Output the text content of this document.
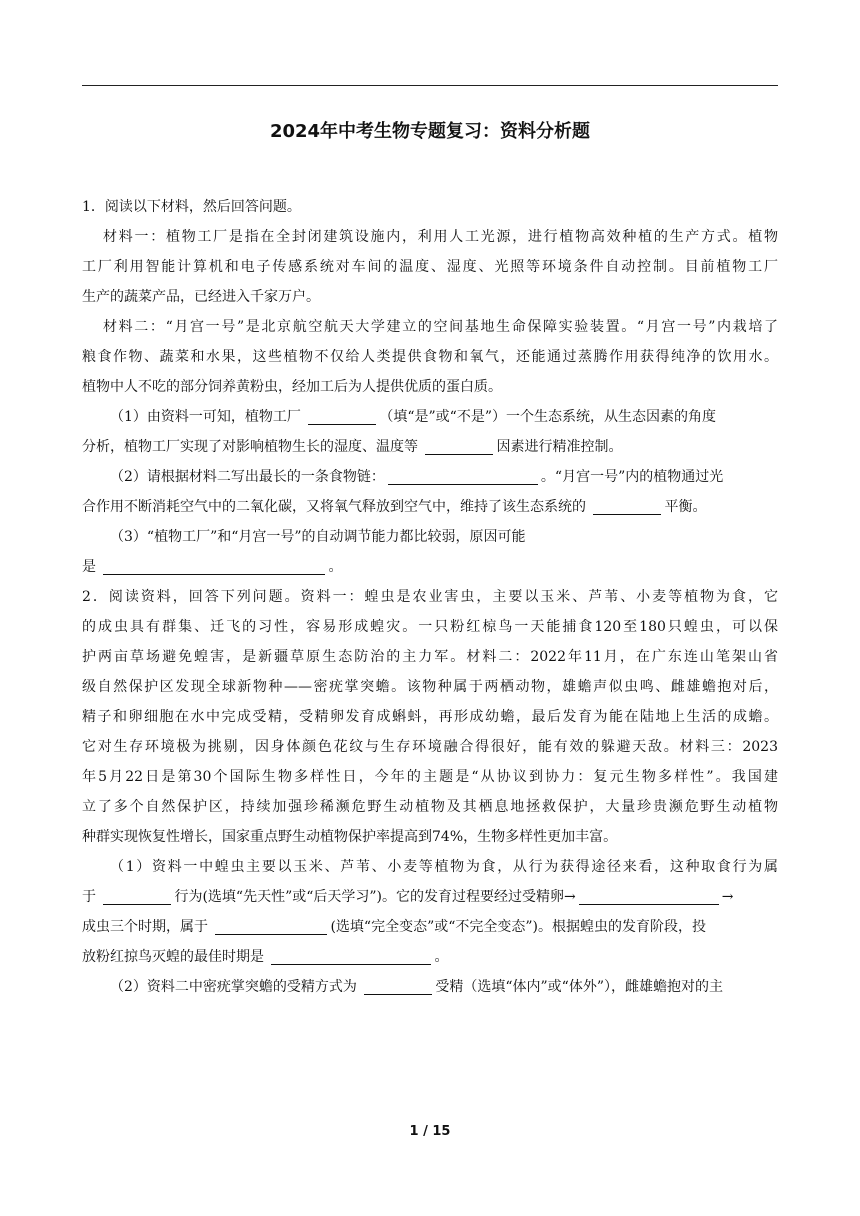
2024年中考生物专题复习：资料分析题
1．阅读以下材料，然后回答问题。
材料一：植物工厂是指在全封闭建筑设施内，利用人工光源，进行植物高效种植的生产方式。植物
工厂利用智能计算机和电子传感系统对车间的温度、湿度、光照等环境条件自动控制。目前植物工厂
生产的蔬菜产品，已经进入千家万户。
材料二：“月宫一号”是北京航空航天大学建立的空间基地生命保障实验装置。“月宫一号”内栽培了
粮食作物、蔬菜和水果，这些植物不仅给人类提供食物和氧气，还能通过蒸腾作用获得纯净的饮用水。
植物中人不吃的部分饲养黄粉虫，经加工后为人提供优质的蛋白质。
（1）由资料一可知，植物工厂	（填“是”或“不是”）一个生态系统，从生态因素的角度
分析，植物工厂实现了对影响植物生长的湿度、温度等	因素进行精准控制。
（2）请根据材料二写出最长的一条食物链：	。“月宫一号”内的植物通过光
合作用不断消耗空气中的二氧化碳，又将氧气释放到空气中，维持了该生态系统的	平衡。
（3）“植物工厂”和“月宫一号”的自动调节能力都比较弱，原因可能
是	。
2．阅读资料，回答下列问题。资料一：蝗虫是农业害虫，主要以玉米、芦苇、小麦等植物为食，它
的成虫具有群集、迁飞的习性，容易形成蝗灾。一只粉红椋鸟一天能捕食120至180只蝗虫，可以保
护两亩草场避免蝗害，是新疆草原生态防治的主力军。材料二：2022年11月，在广东连山笔架山省
级自然保护区发现全球新物种——密疣掌突蟾。该物种属于两栖动物，雄蟾声似虫鸣、雌雄蟾抱对后，
精子和卵细胞在水中完成受精，受精卵发育成蝌蚪，再形成幼蟾，最后发育为能在陆地上生活的成蟾。
它对生存环境极为挑剔，因身体颜色花纹与生存环境融合得很好，能有效的躲避天敌。材料三：2023
年5月22日是第30个国际生物多样性日，今年的主题是“从协议到协力：复元生物多样性”。我国建
立了多个自然保护区，持续加强珍稀濒危野生动植物及其栖息地拯救保护，大量珍贵濒危野生动植物
种群实现恢复性增长，国家重点野生动植物保护率提高到74%，生物多样性更加丰富。
（1）资料一中蝗虫主要以玉米、芦苇、小麦等植物为食，从行为获得途径来看，这种取食行为属
于	行为(选填“先天性”或“后天学习”)。它的发育过程要经过受精卵→	→
成虫三个时期，属于	(选填“完全变态”或“不完全变态”)。根据蝗虫的发育阶段，投
放粉红掠鸟灭蝗的最佳时期是	。
（2）资料二中密疣掌突蟾的受精方式为	受精（选填“体内”或“体外”），雌雄蟾抱对的主
1 / 15
